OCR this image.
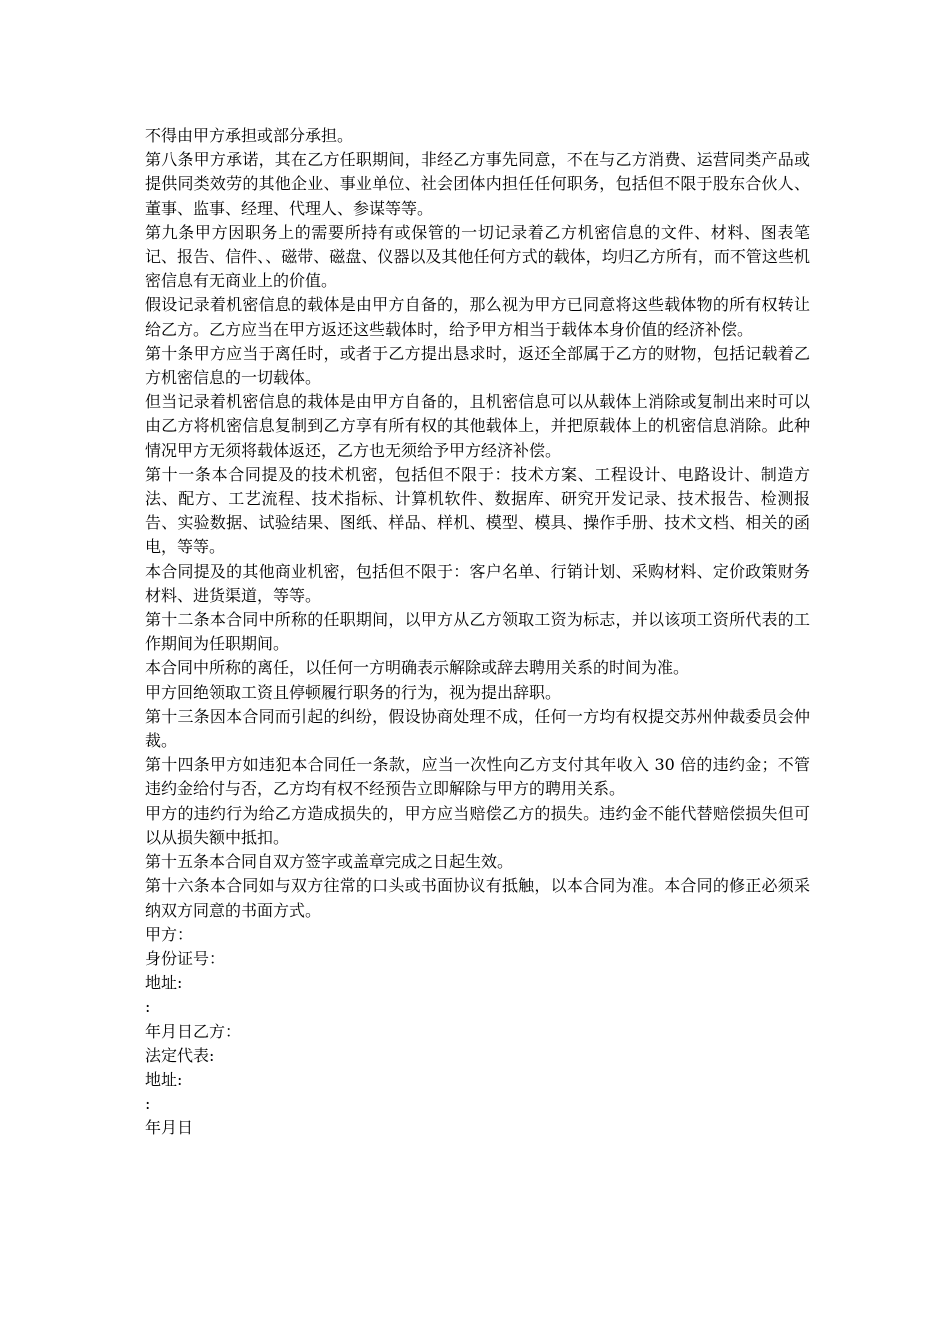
不得由甲方承担或部分承担。

第八条甲方承诺，其在乙方任职期间，非经乙方事先同意，不在与乙方消费、运营同类产品或提供同类效劳的其他企业、事业单位、社会团体内担任任何职务，包括但不限于股东合伙人、董事、监事、经理、代理人、参谋等等。

第九条甲方因职务上的需要所持有或保管的一切记录着乙方机密信息的文件、材料、图表笔记、报告、信件、、磁带、磁盘、仪器以及其他任何方式的载体，均归乙方所有，而不管这些机密信息有无商业上的价值。

假设记录着机密信息的载体是由甲方自备的，那么视为甲方已同意将这些载体物的所有权转让给乙方。乙方应当在甲方返还这些载体时，给予甲方相当于载体本身价值的经济补偿。

第十条甲方应当于离任时，或者于乙方提出恳求时，返还全部属于乙方的财物，包括记载着乙方机密信息的一切载体。

但当记录着机密信息的栽体是由甲方自备的，且机密信息可以从载体上消除或复制出来时可以由乙方将机密信息复制到乙方享有所有权的其他载体上，并把原载体上的机密信息消除。此种情况甲方无须将载体返还，乙方也无须给予甲方经济补偿。

第十一条本合同提及的技术机密，包括但不限于：技术方案、工程设计、电路设计、制造方法、配方、工艺流程、技术指标、计算机软件、数据库、研究开发记录、技术报告、检测报告、实验数据、试验结果、图纸、样品、样机、模型、模具、操作手册、技术文档、相关的函电，等等。

本合同提及的其他商业机密，包括但不限于：客户名单、行销计划、采购材料、定价政策财务材料、进货渠道，等等。

第十二条本合同中所称的任职期间，以甲方从乙方领取工资为标志，并以该项工资所代表的工作期间为任职期间。

本合同中所称的离任，以任何一方明确表示解除或辞去聘用关系的时间为准。

甲方回绝领取工资且停顿履行职务的行为，视为提出辞职。

第十三条因本合同而引起的纠纷，假设协商处理不成，任何一方均有权提交苏州仲裁委员会仲裁。

第十四条甲方如违犯本合同任一条款，应当一次性向乙方支付其年收入 30 倍的违约金；不管违约金给付与否，乙方均有权不经预告立即解除与甲方的聘用关系。

甲方的违约行为给乙方造成损失的，甲方应当赔偿乙方的损失。违约金不能代替赔偿损失但可以从损失额中抵扣。

第十五条本合同自双方签字或盖章完成之日起生效。

第十六条本合同如与双方往常的口头或书面协议有抵触，以本合同为准。本合同的修正必须采纳双方同意的书面方式。

甲方：

身份证号：

地址:

:

年月日乙方：

法定代表:

地址:

:

年月日
